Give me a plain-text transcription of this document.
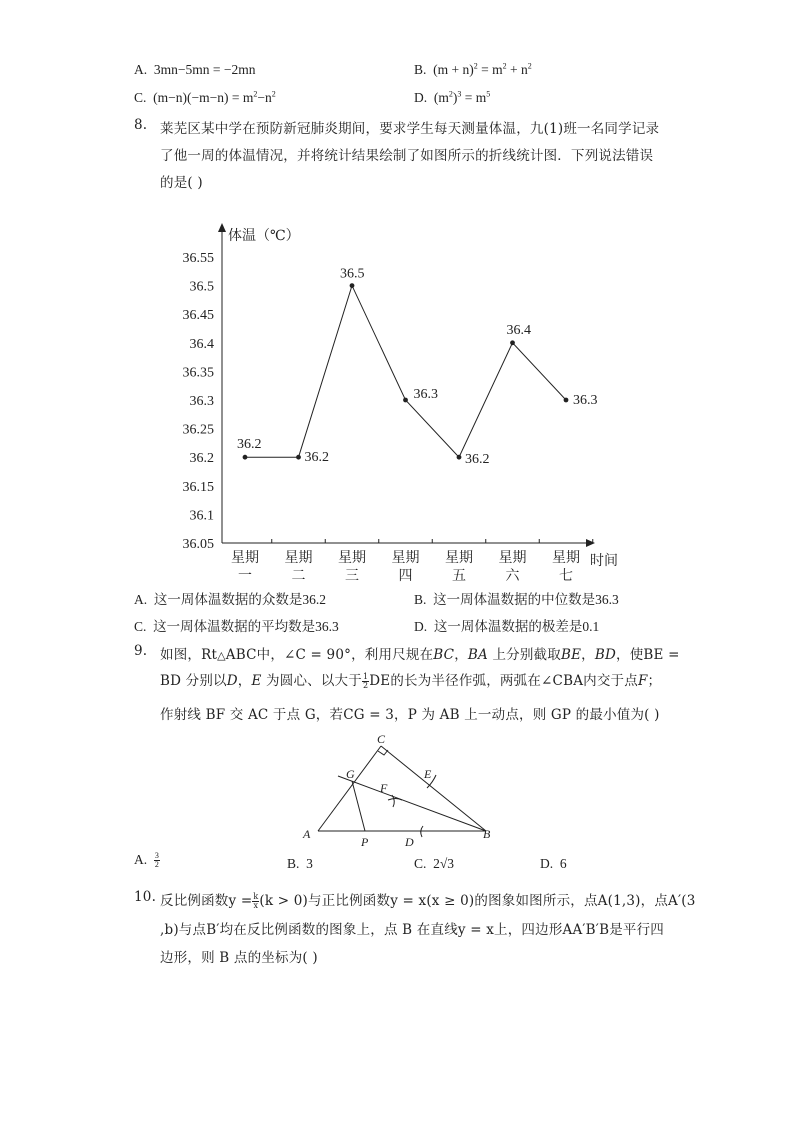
A. 3mn−5mn = −2mn	B. $(m + n)^2 = m^2 + n^2$
C. $(m-n)(-m-n) = m^2-n^2$	D. $(m^2)^3 = m^5$
8. 莱芜区某中学在预防新冠肺炎期间，要求学生每天测量体温，九(1)班一名同学记录
了他一周的体温情况，并将统计结果绘制了如图所示的折线统计图．下列说法错误
的是( )
36.55
36.5
36.45
36.4
36.35
36.3
36.25
36.2
36.15
36.1
36.05
星期
一
星期
二
星期
三
星期
四
星期
五
星期
六
星期
七
36.2
36.2
36.5
36.3
36.2
36.4
36.3
体温（℃）
时间
A. 这一周体温数据的众数是36.2	B. 这一周体温数据的中位数是36.3
C. 这一周体温数据的平均数是36.3	D. 这一周体温数据的极差是0.1
9. 如图，Rt△ABC中，∠C = 90°，利用尺规在BC，BA 上分别截取BE，BD，使BE =
BD 分别以D，E 为圆心、以大于 $\frac{1}{2}$ DE的长为半径作弧，两弧在∠CBA内交于点F；
作射线 BF 交 AC 于点 G，若CG = 3，P 为 AB 上一动点，则 GP 的最小值为( )
C
G	E
F
A
P	D
B
A. $\frac{3}{2}$	B. 3	C. 2√3	D. 6
10. 反比例函数$y = \frac{k}{x} (k > 0)$与正比例函数y = x(x ≥ 0)的图象如图所示，点A(1,3)，点A′(3
,b)与点B′均在反比例函数的图象上，点 B 在直线y = x上，四边形AA′B′B是平行四
边形，则 B 点的坐标为( )
